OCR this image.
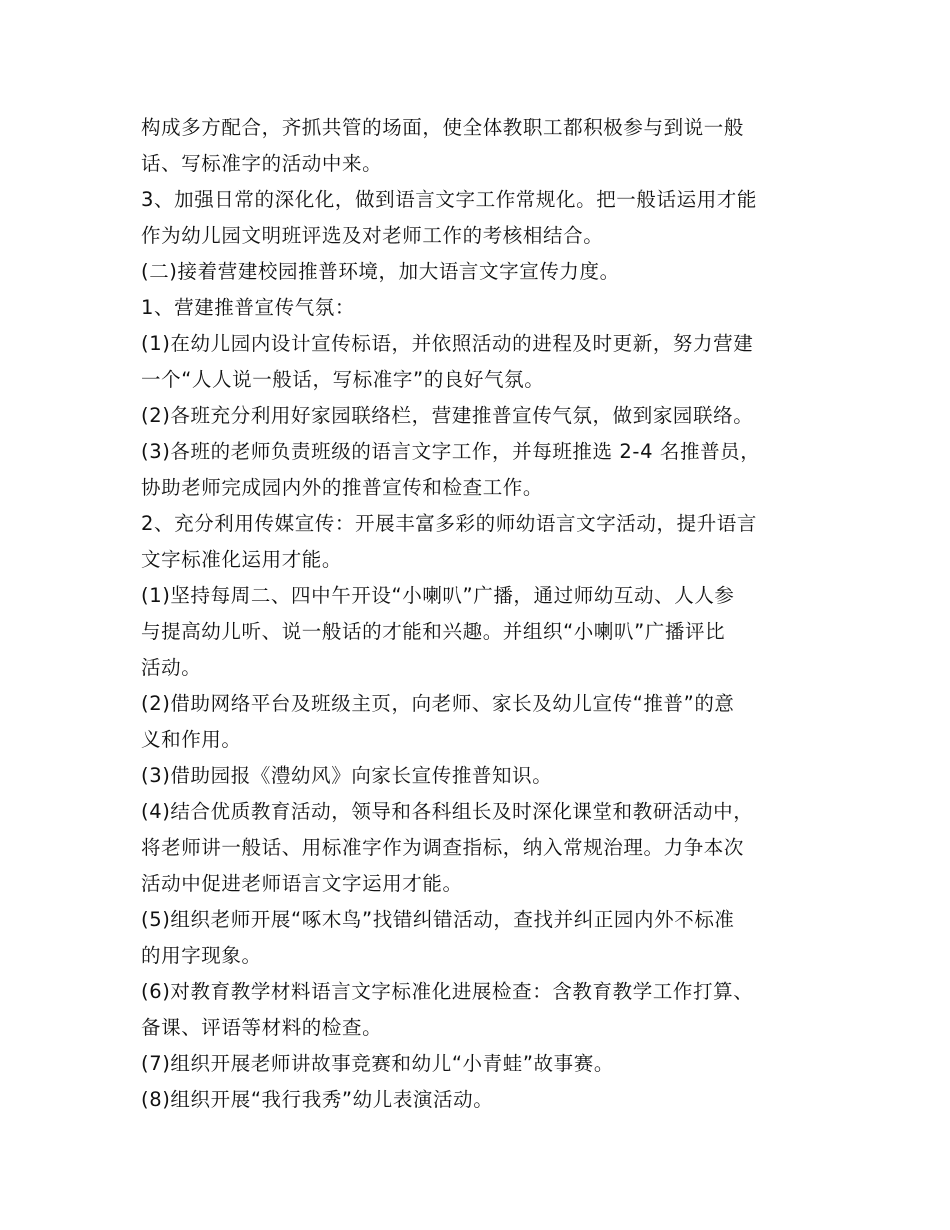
构成多方配合，齐抓共管的场面，使全体教职工都积极参与到说一般
话、写标准字的活动中来。

3、加强日常的深化化，做到语言文字工作常规化。把一般话运用才能
作为幼儿园文明班评选及对老师工作的考核相结合。

(二)接着营建校园推普环境，加大语言文字宣传力度。

1、营建推普宣传气氛：

(1)在幼儿园内设计宣传标语，并依照活动的进程及时更新，努力营建
一个“人人说一般话，写标准字”的良好气氛。

(2)各班充分利用好家园联络栏，营建推普宣传气氛，做到家园联络。

(3)各班的老师负责班级的语言文字工作，并每班推选 2-4 名推普员，
协助老师完成园内外的推普宣传和检查工作。

2、充分利用传媒宣传：开展丰富多彩的师幼语言文字活动，提升语言
文字标准化运用才能。

(1)坚持每周二、四中午开设“小喇叭”广播，通过师幼互动、人人参
与提高幼儿听、说一般话的才能和兴趣。并组织“小喇叭”广播评比
活动。

(2)借助网络平台及班级主页，向老师、家长及幼儿宣传“推普”的意
义和作用。

(3)借助园报《澧幼风》向家长宣传推普知识。

(4)结合优质教育活动，领导和各科组长及时深化课堂和教研活动中，
将老师讲一般话、用标准字作为调查指标，纳入常规治理。力争本次
活动中促进老师语言文字运用才能。

(5)组织老师开展“啄木鸟”找错纠错活动，查找并纠正园内外不标准
的用字现象。

(6)对教育教学材料语言文字标准化进展检查：含教育教学工作打算、
备课、评语等材料的检查。

(7)组织开展老师讲故事竞赛和幼儿“小青蛙”故事赛。

(8)组织开展“我行我秀”幼儿表演活动。
